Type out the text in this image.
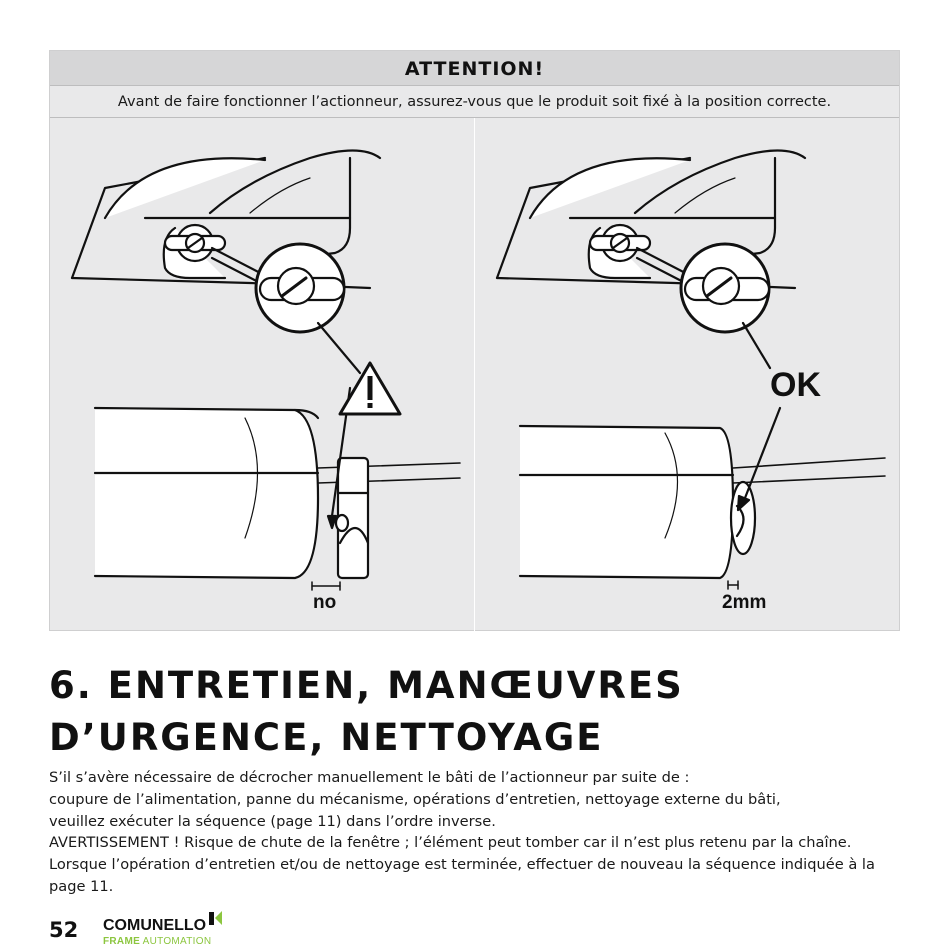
ATTENTION!
Avant de faire fonctionner l’actionneur, assurez-vous que le produit soit fixé à la position correcte.
no
OK
2mm
6. ENTRETIEN, MANŒUVRES D’URGENCE, NETTOYAGE

S’il s’avère nécessaire de décrocher manuellement le bâti de l’actionneur par suite de :

coupure de l’alimentation, panne du mécanisme, opérations d’entretien, nettoyage externe du bâti,

veuillez exécuter la séquence (page 11) dans l’ordre inverse.

AVERTISSEMENT ! Risque de chute de la fenêtre ; l’élément peut tomber car il n’est plus retenu par la chaîne.

Lorsque l’opération d’entretien et/ou de nettoyage est terminée, effectuer de nouveau la séquence indiquée à la page 11.

52 COMUNELLO
FRAME AUTOMATION
